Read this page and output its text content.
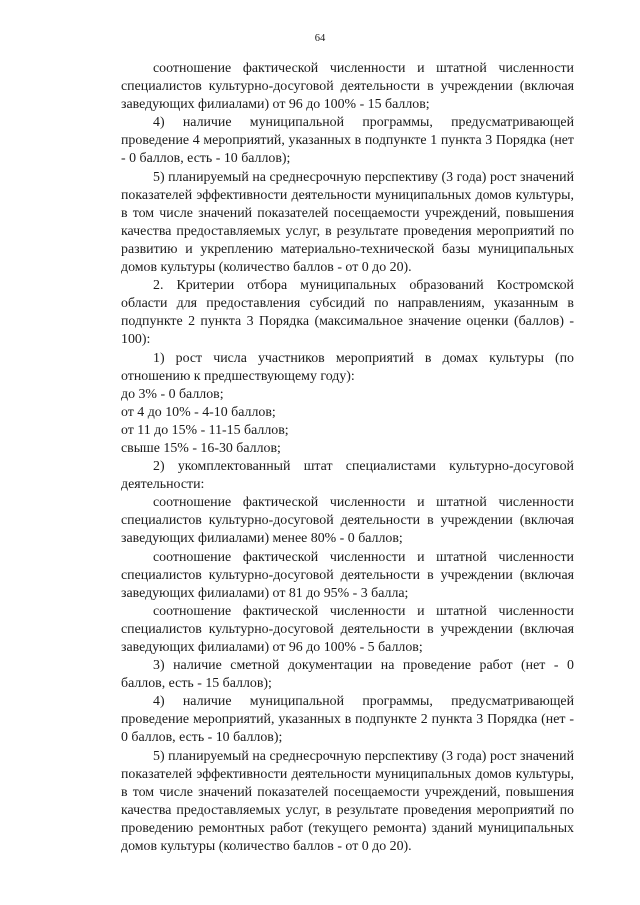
64

соотношение фактической численности и штатной численности специалистов культурно-досуговой деятельности в учреждении (включая заведующих филиалами) от 96 до 100% - 15 баллов;

4) наличие муниципальной программы, предусматривающей проведение 4 мероприятий, указанных в подпункте 1 пункта 3 Порядка (нет - 0 баллов, есть - 10 баллов);

5) планируемый на среднесрочную перспективу (3 года) рост значений показателей эффективности деятельности муниципальных домов культуры, в том числе значений показателей посещаемости учреждений, повышения качества предоставляемых услуг, в результате проведения мероприятий по развитию и укреплению материально-технической базы муниципальных домов культуры (количество баллов - от 0 до 20).

2. Критерии отбора муниципальных образований Костромской области для предоставления субсидий по направлениям, указанным в подпункте 2 пункта 3 Порядка (максимальное значение оценки (баллов) - 100):

1) рост числа участников мероприятий в домах культуры (по отношению к предшествующему году):

до 3% - 0 баллов;

от 4 до 10% - 4-10 баллов;

от 11 до 15% - 11-15 баллов;

свыше 15% - 16-30 баллов;

2) укомплектованный штат специалистами культурно-досуговой деятельности:

соотношение фактической численности и штатной численности специалистов культурно-досуговой деятельности в учреждении (включая заведующих филиалами) менее 80% - 0 баллов;

соотношение фактической численности и штатной численности специалистов культурно-досуговой деятельности в учреждении (включая заведующих филиалами) от 81 до 95% - 3 балла;

соотношение фактической численности и штатной численности специалистов культурно-досуговой деятельности в учреждении (включая заведующих филиалами) от 96 до 100% - 5 баллов;

3) наличие сметной документации на проведение работ (нет - 0 баллов, есть - 15 баллов);

4) наличие муниципальной программы, предусматривающей проведение мероприятий, указанных в подпункте 2 пункта 3 Порядка (нет - 0 баллов, есть - 10 баллов);

5) планируемый на среднесрочную перспективу (3 года) рост значений показателей эффективности деятельности муниципальных домов культуры, в том числе значений показателей посещаемости учреждений, повышения качества предоставляемых услуг, в результате проведения мероприятий по проведению ремонтных работ (текущего ремонта) зданий муниципальных домов культуры (количество баллов - от 0 до 20).
